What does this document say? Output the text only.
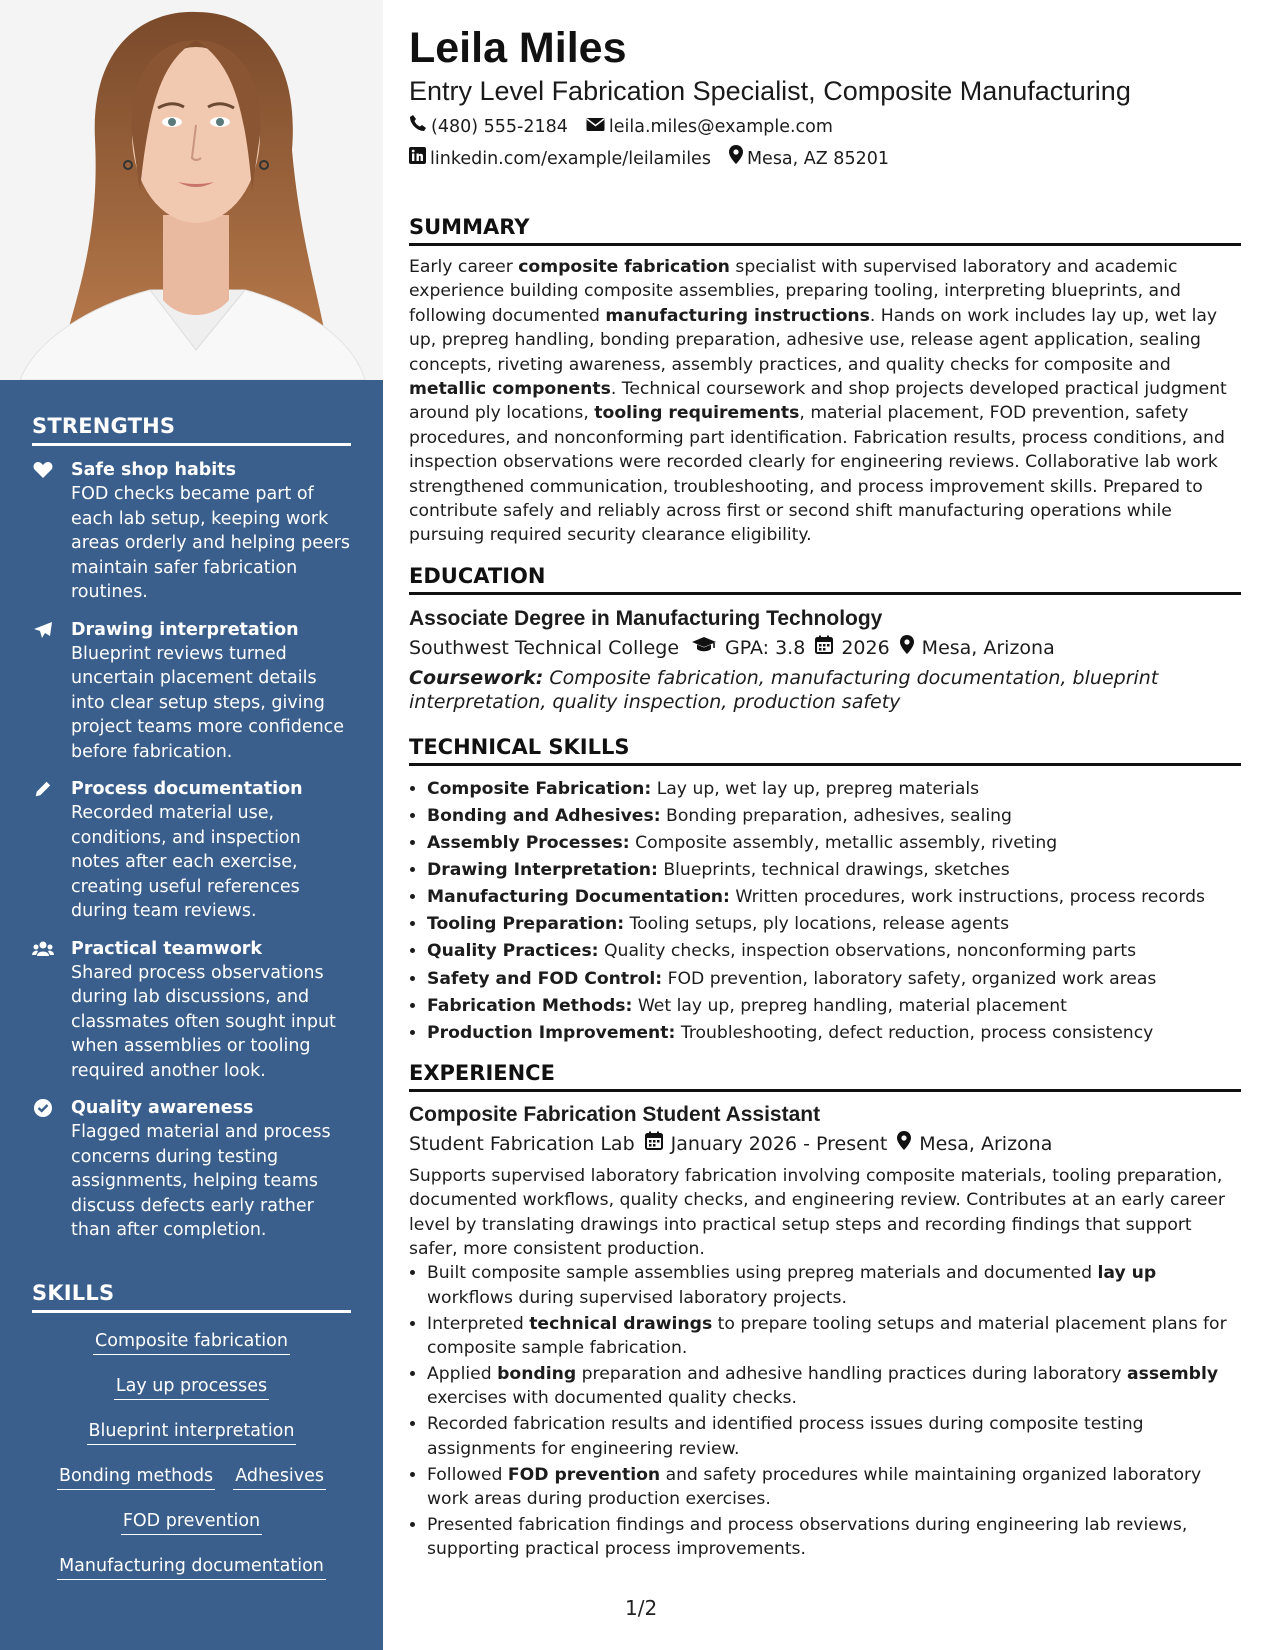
STRENGTHS
Safe shop habits
FOD checks became part of each lab setup, keeping work areas orderly and helping peers maintain safer fabrication routines.
Drawing interpretation
Blueprint reviews turned uncertain placement details into clear setup steps, giving project teams more confidence before fabrication.
Process documentation
Recorded material use, conditions, and inspection notes after each exercise, creating useful references during team reviews.
Practical teamwork
Shared process observations during lab discussions, and classmates often sought input when assemblies or tooling required another look.
Quality awareness
Flagged material and process concerns during testing assignments, helping teams discuss defects early rather than after completion.
SKILLS
Composite fabrication
Lay up processes
Blueprint interpretation
Bonding methods Adhesives
FOD prevention
Manufacturing documentation
Leila Miles
Entry Level Fabrication Specialist, Composite Manufacturing
(480) 555-2184 leila.miles@example.com
linkedin.com/example/leilamiles Mesa, AZ 85201
SUMMARY
Early career composite fabrication specialist with supervised laboratory and academic experience building composite assemblies, preparing tooling, interpreting blueprints, and following documented manufacturing instructions. Hands on work includes lay up, wet lay up, prepreg handling, bonding preparation, adhesive use, release agent application, sealing concepts, riveting awareness, assembly practices, and quality checks for composite and metallic components. Technical coursework and shop projects developed practical judgment around ply locations, tooling requirements, material placement, FOD prevention, safety procedures, and nonconforming part identification. Fabrication results, process conditions, and inspection observations were recorded clearly for engineering reviews. Collaborative lab work strengthened communication, troubleshooting, and process improvement skills. Prepared to contribute safely and reliably across first or second shift manufacturing operations while pursuing required security clearance eligibility.
EDUCATION
Associate Degree in Manufacturing Technology
Southwest Technical College GPA: 3.8 2026 Mesa, Arizona
Coursework: Composite fabrication, manufacturing documentation, blueprint interpretation, quality inspection, production safety
TECHNICAL SKILLS
• Composite Fabrication: Lay up, wet lay up, prepreg materials
• Bonding and Adhesives: Bonding preparation, adhesives, sealing
• Assembly Processes: Composite assembly, metallic assembly, riveting
• Drawing Interpretation: Blueprints, technical drawings, sketches
• Manufacturing Documentation: Written procedures, work instructions, process records
• Tooling Preparation: Tooling setups, ply locations, release agents
• Quality Practices: Quality checks, inspection observations, nonconforming parts
• Safety and FOD Control: FOD prevention, laboratory safety, organized work areas
• Fabrication Methods: Wet lay up, prepreg handling, material placement
• Production Improvement: Troubleshooting, defect reduction, process consistency
EXPERIENCE
Composite Fabrication Student Assistant
Student Fabrication Lab January 2026 - Present Mesa, Arizona
Supports supervised laboratory fabrication involving composite materials, tooling preparation, documented workflows, quality checks, and engineering review. Contributes at an early career level by translating drawings into practical setup steps and recording findings that support safer, more consistent production.
• Built composite sample assemblies using prepreg materials and documented lay up workflows during supervised laboratory projects.
• Interpreted technical drawings to prepare tooling setups and material placement plans for composite sample fabrication.
• Applied bonding preparation and adhesive handling practices during laboratory assembly exercises with documented quality checks.
• Recorded fabrication results and identified process issues during composite testing assignments for engineering review.
• Followed FOD prevention and safety procedures while maintaining organized laboratory work areas during production exercises.
• Presented fabrication findings and process observations during engineering lab reviews, supporting practical process improvements.
1/2
